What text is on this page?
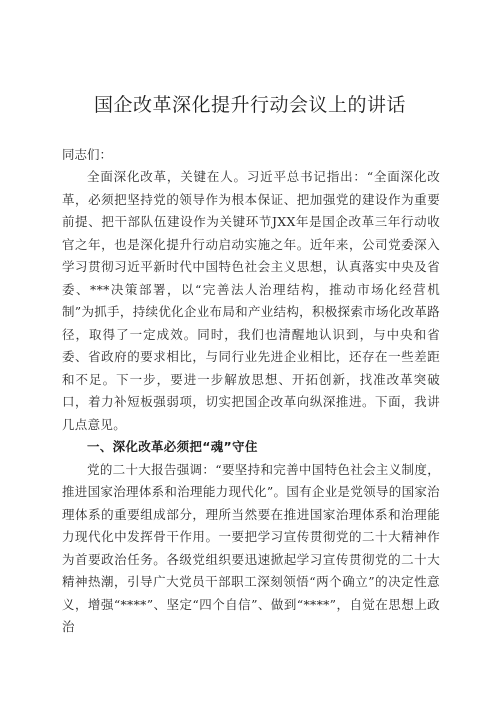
国企改革深化提升行动会议上的讲话
同志们：

全面深化改革，关键在人。习近平总书记指出：“全面深化改革，必须把坚持党的领导作为根本保证、把加强党的建设作为重要前提、把干部队伍建设作为关键环节JXX年是国企改革三年行动收官之年，也是深化提升行动启动实施之年。近年来，公司党委深入学习贯彻习近平新时代中国特色社会主义思想，认真落实中央及省委、***决策部署，以“完善法人治理结构，推动市场化经营机制”为抓手，持续优化企业布局和产业结构，积极探索市场化改革路径，取得了一定成效。同时，我们也清醒地认识到，与中央和省委、省政府的要求相比，与同行业先进企业相比，还存在一些差距和不足。下一步，要进一步解放思想、开拓创新，找准改革突破口，着力补短板强弱项，切实把国企改革向纵深推进。下面，我讲几点意见。

一、深化改革必须把“魂”守住

党的二十大报告强调：“要坚持和完善中国特色社会主义制度，推进国家治理体系和治理能力现代化”。国有企业是党领导的国家治理体系的重要组成部分，理所当然要在推进国家治理体系和治理能力现代化中发挥骨干作用。一要把学习宣传贯彻党的二十大精神作为首要政治任务。各级党组织要迅速掀起学习宣传贯彻党的二十大精神热潮，引导广大党员干部职工深刻领悟“两个确立”的决定性意义，增强“****”、坚定“四个自信”、做到“****”，自觉在思想上政治
